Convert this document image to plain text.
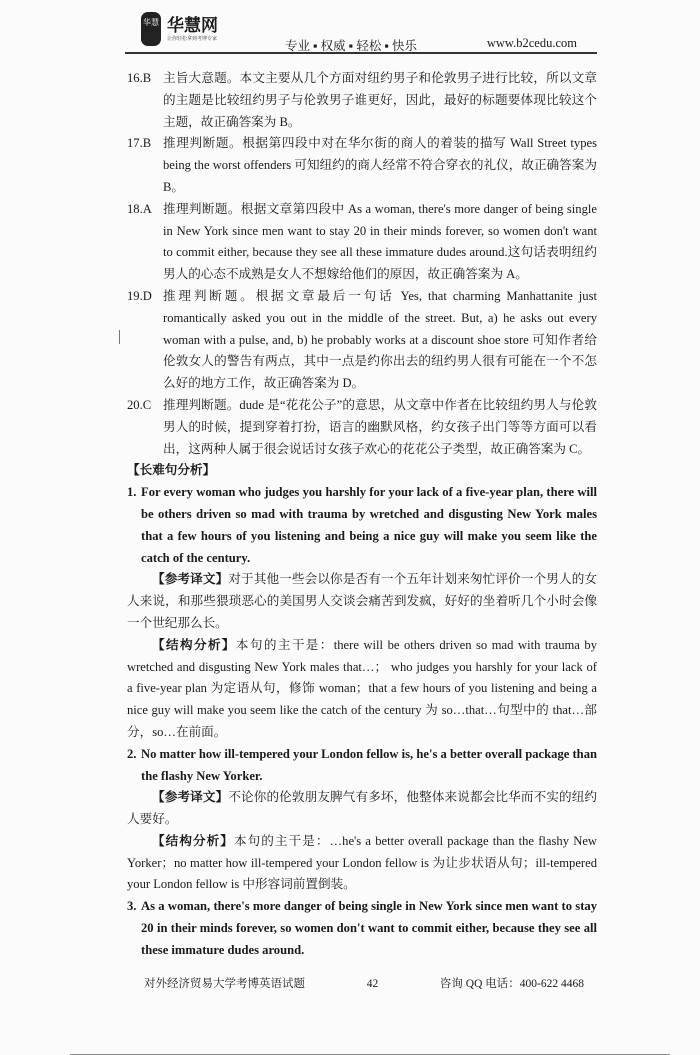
华慧 华慧网
让你轻松拿到考博专家	专业 ▪ 权威 ▪ 轻松 ▪ 快乐	www.b2cedu.com
16.B 主旨大意题。本文主要从几个方面对纽约男子和伦敦男子进行比较，所以文章的主题是比较纽约男子与伦敦男子谁更好，因此，最好的标题要体现比较这个主题，故正确答案为 B。
17.B 推理判断题。根据第四段中对在华尔街的商人的着装的描写 Wall Street types being the worst offenders 可知纽约的商人经常不符合穿衣的礼仪，故正确答案为 B。
18.A 推理判断题。根据文章第四段中 As a woman, there's more danger of being single in New York since men want to stay 20 in their minds forever, so women don't want to commit either, because they see all these immature dudes around.这句话表明纽约男人的心态不成熟是女人不想嫁给他们的原因，故正确答案为 A。
19.D 推理判断题。根据文章最后一句话 Yes, that charming Manhattanite just romantically asked you out in the middle of the street. But, a) he asks out every woman with a pulse, and, b) he probably works at a discount shoe store 可知作者给伦敦女人的警告有两点，其中一点是约你出去的纽约男人很有可能在一个不怎么好的地方工作，故正确答案为 D。
20.C 推理判断题。dude 是“花花公子”的意思，从文章中作者在比较纽约男人与伦敦男人的时候，提到穿着打扮，语言的幽默风格，约女孩子出门等等方面可以看出，这两种人属于很会说话讨女孩子欢心的花花公子类型，故正确答案为 C。
【长难句分析】
1. For every woman who judges you harshly for your lack of a five-year plan, there will be others driven so mad with trauma by wretched and disgusting New York males that a few hours of you listening and being a nice guy will make you seem like the catch of the century.
【参考译文】对于其他一些会以你是否有一个五年计划来匆忙评价一个男人的女人来说，和那些猥琐恶心的美国男人交谈会痛苦到发疯，好好的坐着听几个小时会像一个世纪那么长。
【结构分析】本句的主干是：there will be others driven so mad with trauma by wretched and disgusting New York males that…； who judges you harshly for your lack of a five-year plan 为定语从句，修饰 woman；that a few hours of you listening and being a nice guy will make you seem like the catch of the century 为 so…that…句型中的 that…部分，so…在前面。
2. No matter how ill-tempered your London fellow is, he's a better overall package than the flashy New Yorker.
【参考译文】不论你的伦敦朋友脾气有多坏，他整体来说都会比华而不实的纽约人要好。
【结构分析】本句的主干是：…he's a better overall package than the flashy New Yorker；no matter how ill-tempered your London fellow is 为让步状语从句；ill-tempered your London fellow is 中形容词前置倒装。
3. As a woman, there's more danger of being single in New York since men want to stay 20 in their minds forever, so women don't want to commit either, because they see all these immature dudes around.
对外经济贸易大学考博英语试题	42	咨询 QQ 电话：400-622 4468
